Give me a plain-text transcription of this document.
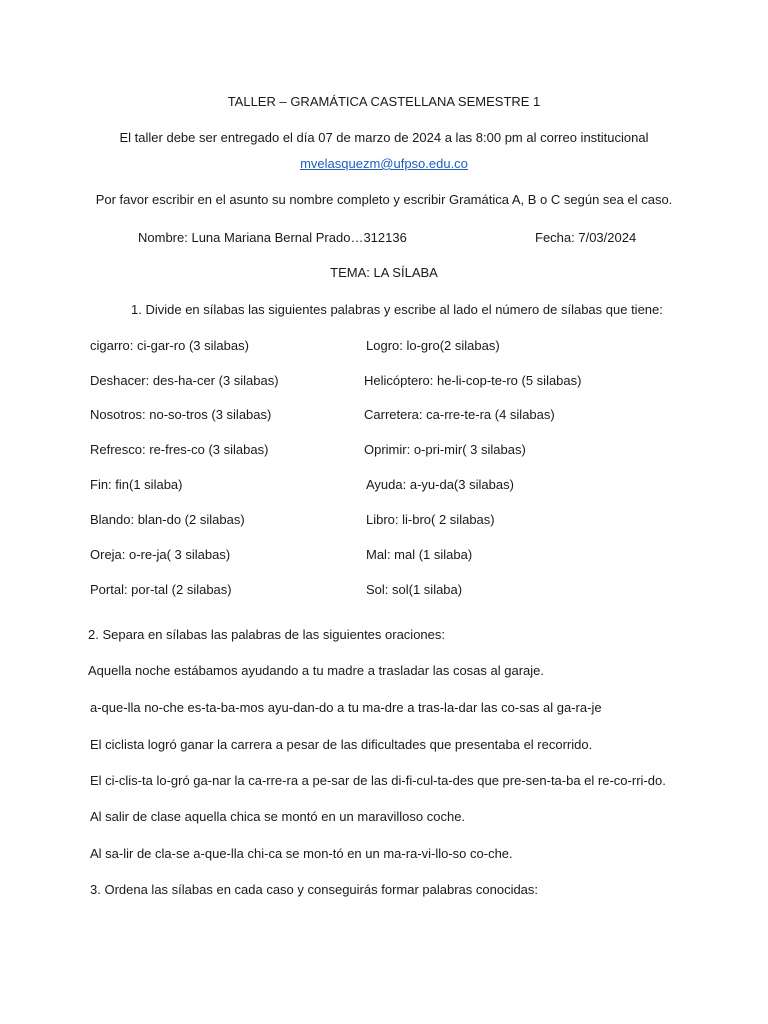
TALLER – GRAMÁTICA CASTELLANA SEMESTRE 1
El taller debe ser entregado el día 07 de marzo de 2024 a las 8:00 pm al correo institucional
mvelasquezm@ufpso.edu.co
Por favor escribir en el asunto su nombre completo y escribir Gramática A, B o C según sea el caso.
Nombre: Luna Mariana Bernal Prado…312136	Fecha: 7/03/2024
TEMA: LA SÍLABA
1. Divide en sílabas las siguientes palabras y escribe al lado el número de sílabas que tiene:
cigarro: ci-gar-ro (3 silabas)
Deshacer: des-ha-cer (3 silabas)
Nosotros: no-so-tros (3 silabas)
Refresco: re-fres-co (3 silabas)
Fin: fin(1 silaba)
Blando: blan-do (2 silabas)
Oreja: o-re-ja( 3 silabas)
Portal: por-tal (2 silabas)
Logro: lo-gro(2 silabas)
Helicóptero: he-li-cop-te-ro (5 silabas)
Carretera: ca-rre-te-ra (4 silabas)
Oprimir: o-pri-mir( 3 silabas)
Ayuda: a-yu-da(3 silabas)
Libro: li-bro( 2 silabas)
Mal: mal (1 silaba)
Sol: sol(1 silaba)
2. Separa en sílabas las palabras de las siguientes oraciones:
Aquella noche estábamos ayudando a tu madre a trasladar las cosas al garaje.
a-que-lla no-che es-ta-ba-mos ayu-dan-do a tu ma-dre a tras-la-dar las co-sas al ga-ra-je
El ciclista logró ganar la carrera a pesar de las dificultades que presentaba el recorrido.
El ci-clis-ta lo-gró ga-nar la ca-rre-ra a pe-sar de las di-fi-cul-ta-des que pre-sen-ta-ba el re-co-rri-do.
Al salir de clase aquella chica se montó en un maravilloso coche.
Al sa-lir de cla-se a-que-lla chi-ca se mon-tó en un ma-ra-vi-llo-so co-che.
3. Ordena las sílabas en cada caso y conseguirás formar palabras conocidas:
